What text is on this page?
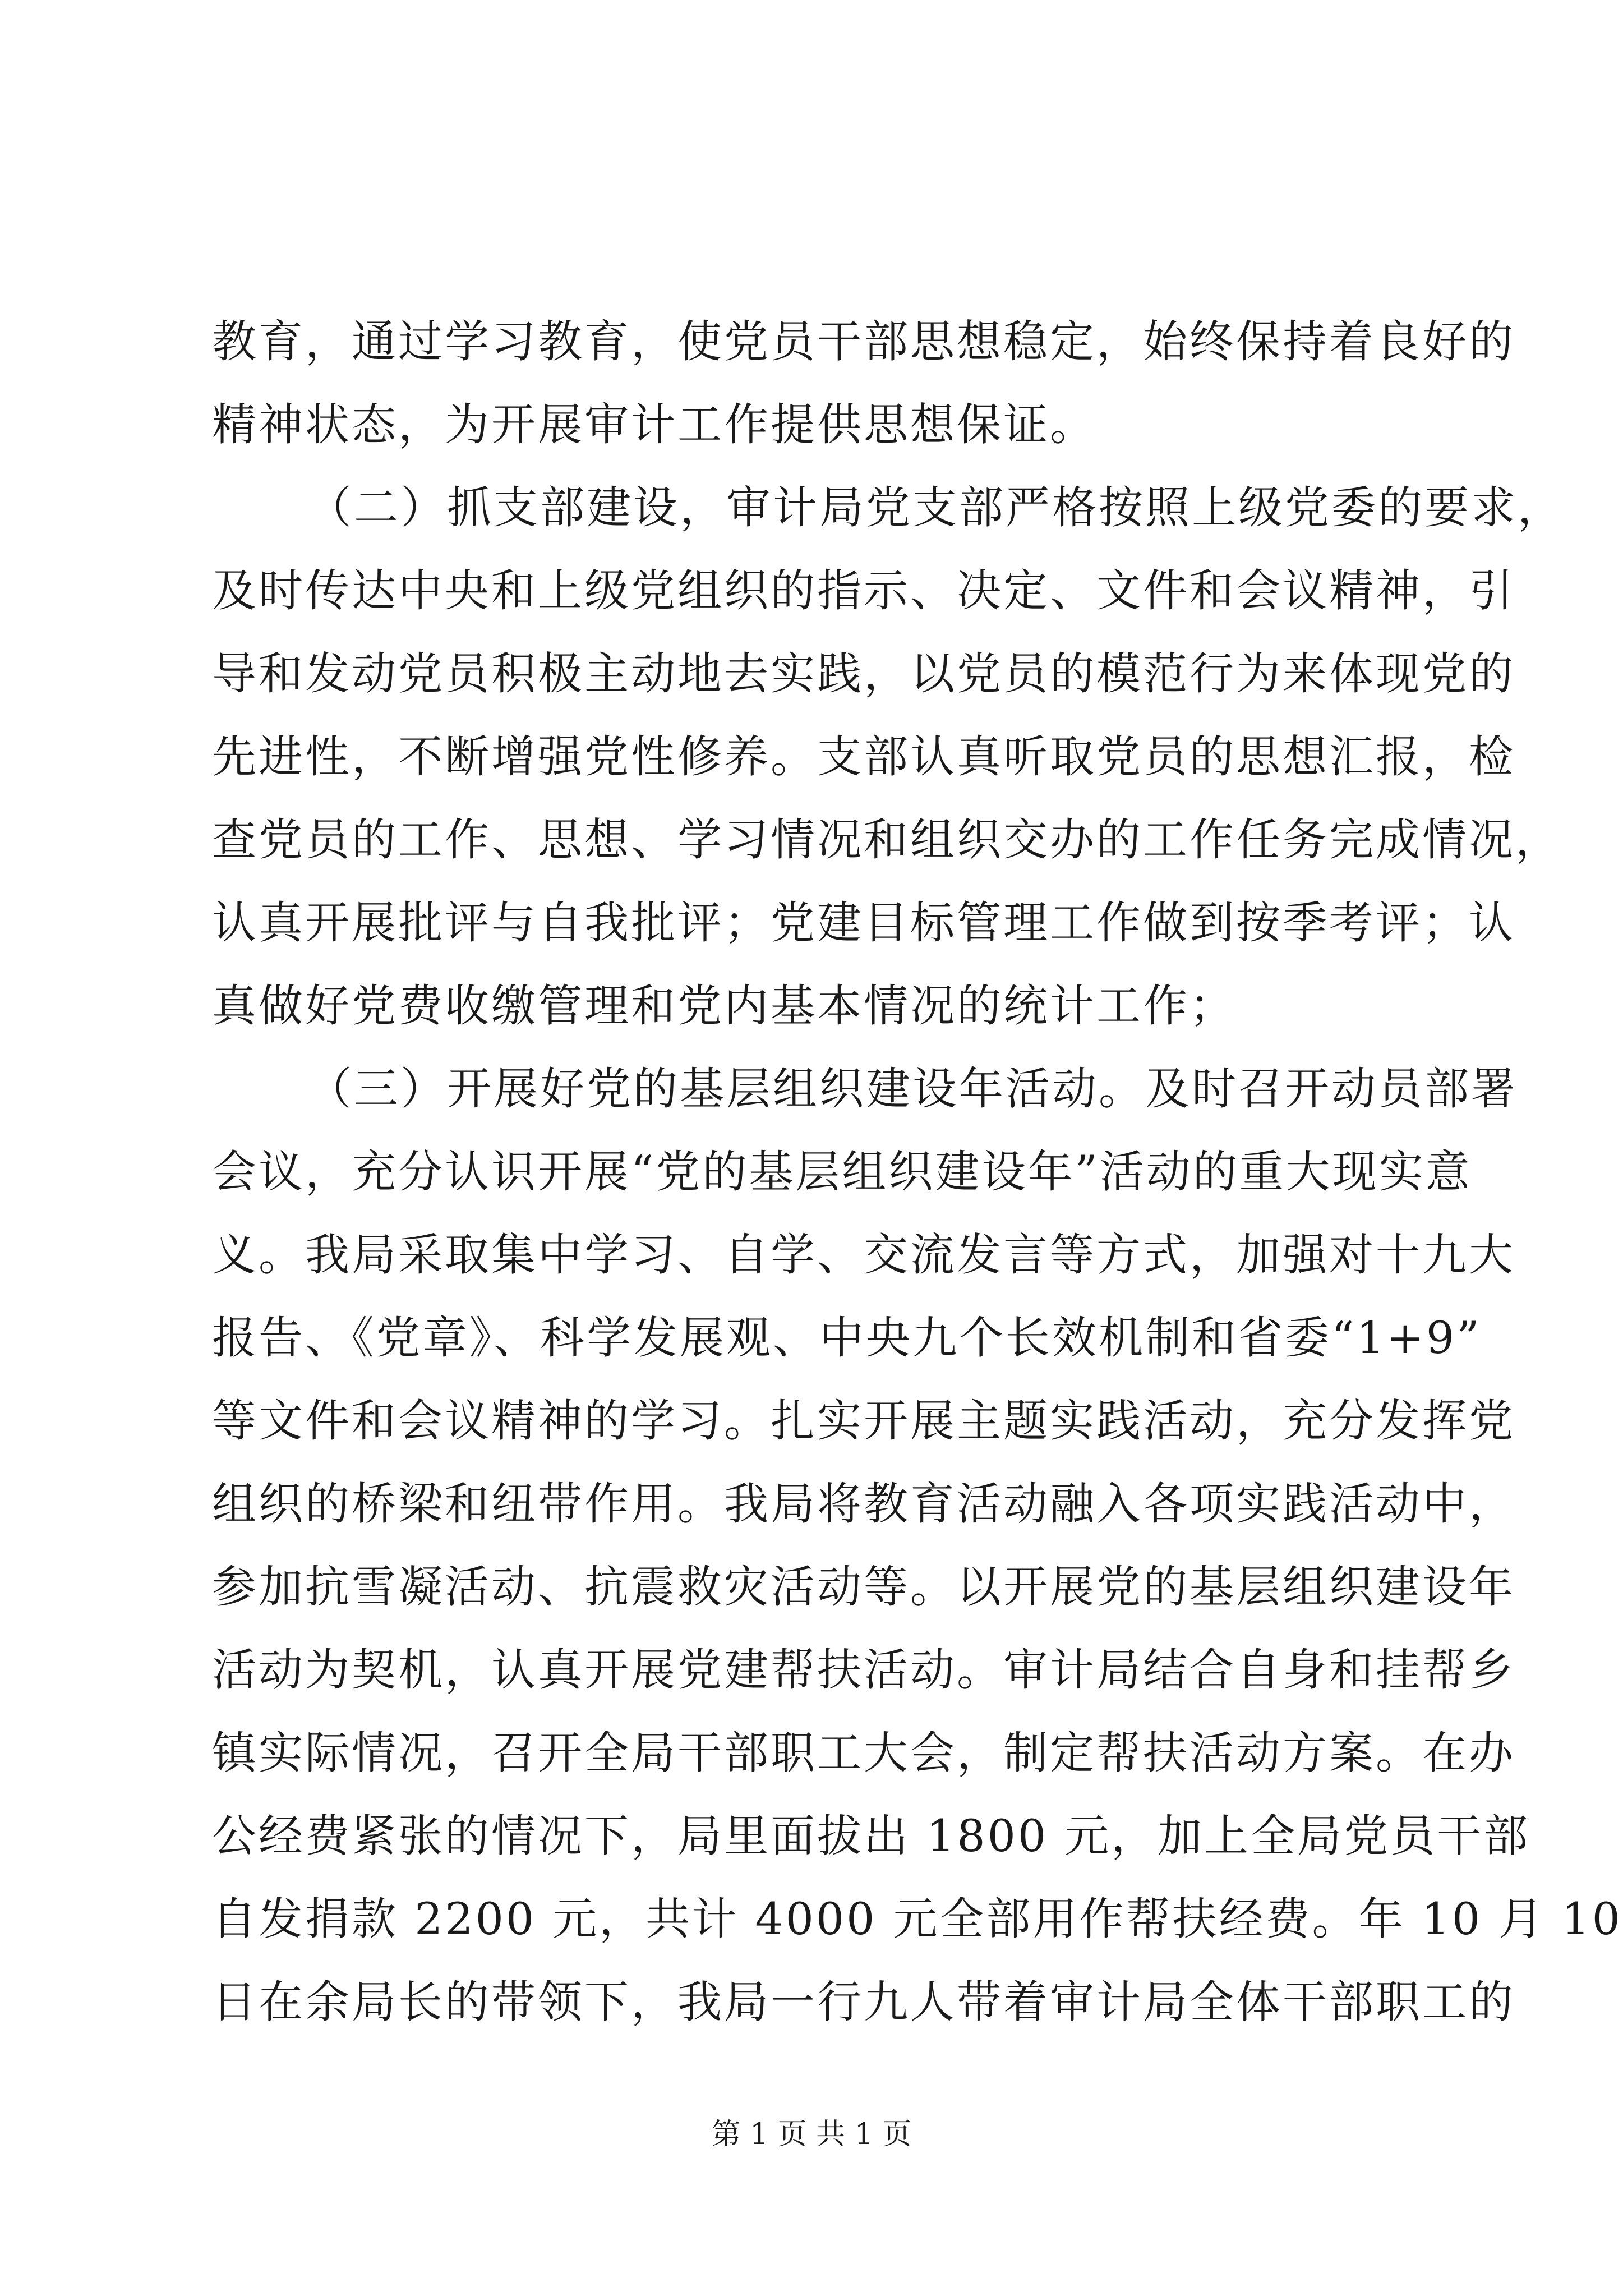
教育，通过学习教育，使党员干部思想稳定，始终保持着良好的
精神状态，为开展审计工作提供思想保证。
（二）抓支部建设，审计局党支部严格按照上级党委的要求，
及时传达中央和上级党组织的指示、决定、文件和会议精神，引
导和发动党员积极主动地去实践，以党员的模范行为来体现党的
先进性，不断增强党性修养。支部认真听取党员的思想汇报，检
查党员的工作、思想、学习情况和组织交办的工作任务完成情况，
认真开展批评与自我批评；党建目标管理工作做到按季考评；认
真做好党费收缴管理和党内基本情况的统计工作；
（三）开展好党的基层组织建设年活动。及时召开动员部署
会议，充分认识开展“党的基层组织建设年”活动的重大现实意
义。我局采取集中学习、自学、交流发言等方式，加强对十九大
报告、《党章》、科学发展观、中央九个长效机制和省委“1+9”
等文件和会议精神的学习。扎实开展主题实践活动，充分发挥党
组织的桥梁和纽带作用。我局将教育活动融入各项实践活动中，
参加抗雪凝活动、抗震救灾活动等。以开展党的基层组织建设年
活动为契机，认真开展党建帮扶活动。审计局结合自身和挂帮乡
镇实际情况，召开全局干部职工大会，制定帮扶活动方案。在办
公经费紧张的情况下，局里面拔出 1800 元，加上全局党员干部
自发捐款 2200 元，共计 4000 元全部用作帮扶经费。年 10 月 10
日在余局长的带领下，我局一行九人带着审计局全体干部职工的
第 1 页 共 1 页
